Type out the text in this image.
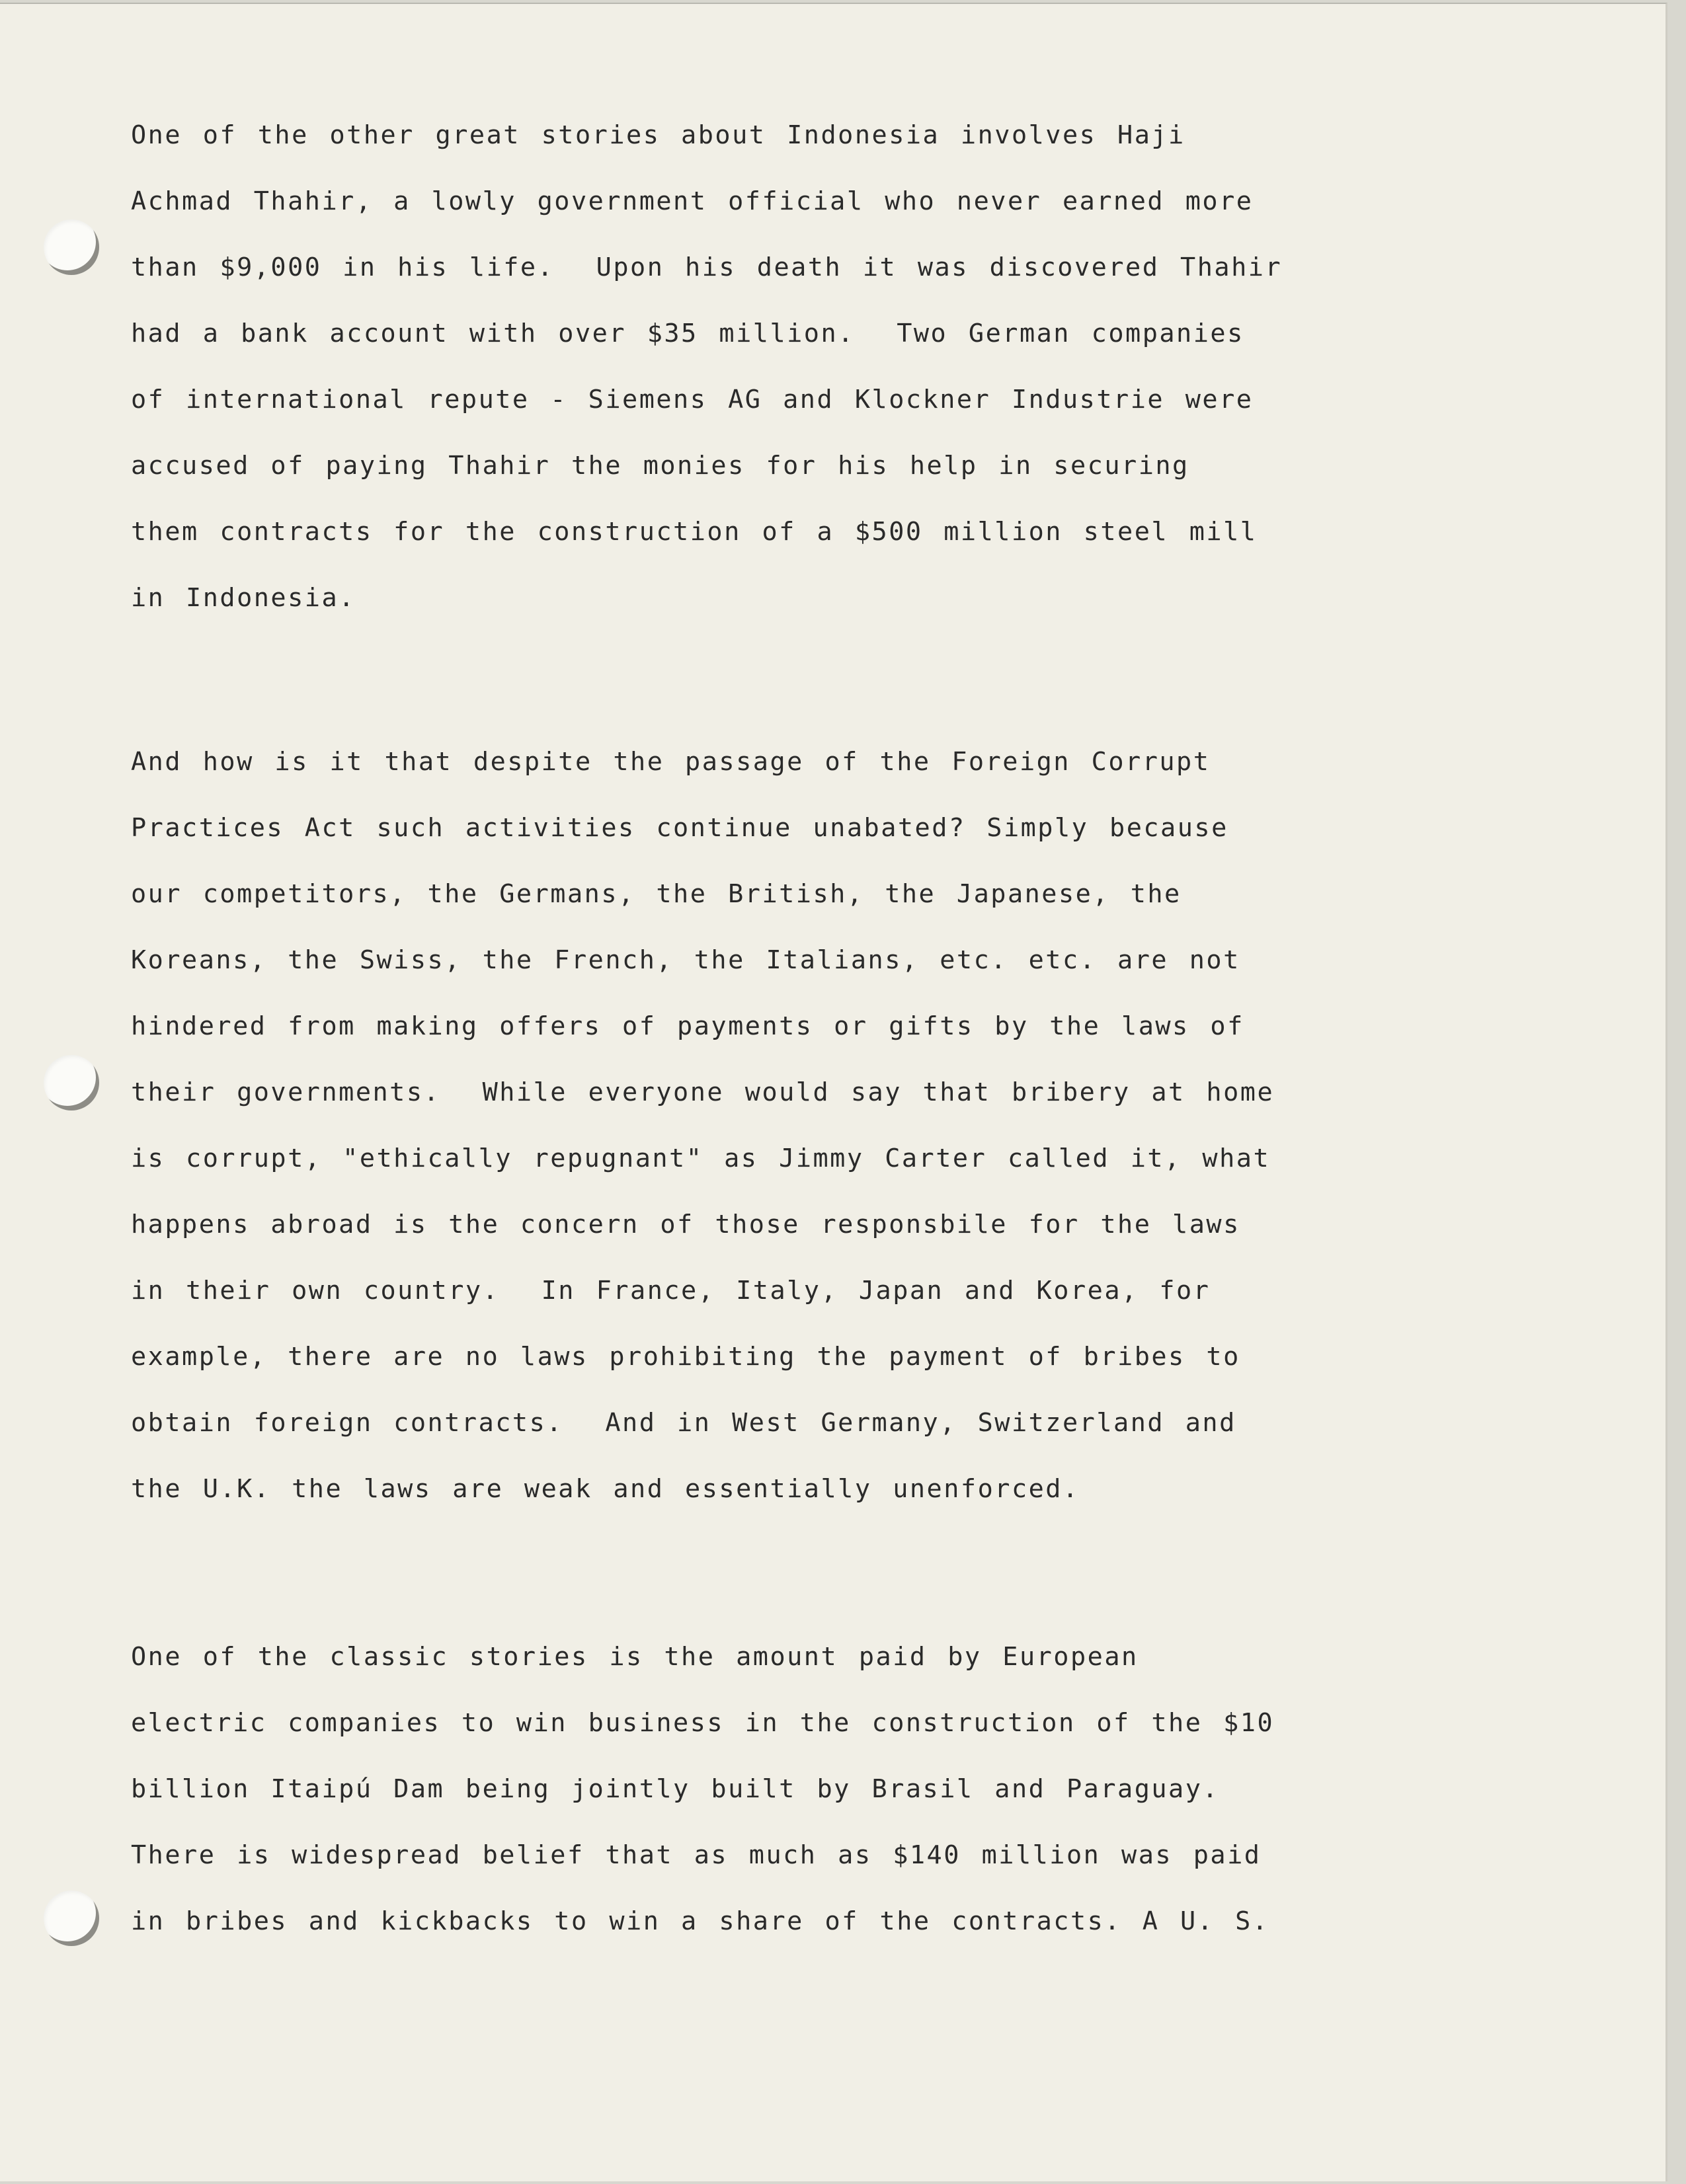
One of the other great stories about Indonesia involves Haji
Achmad Thahir, a lowly government official who never earned more
than $9,000 in his life.  Upon his death it was discovered Thahir
had a bank account with over $35 million.  Two German companies
of international repute - Siemens AG and Klockner Industrie were
accused of paying Thahir the monies for his help in securing
them contracts for the construction of a $500 million steel mill
in Indonesia.
And how is it that despite the passage of the Foreign Corrupt
Practices Act such activities continue unabated? Simply because
our competitors, the Germans, the British, the Japanese, the
Koreans, the Swiss, the French, the Italians, etc. etc. are not
hindered from making offers of payments or gifts by the laws of
their governments.  While everyone would say that bribery at home
is corrupt, "ethically repugnant" as Jimmy Carter called it, what
happens abroad is the concern of those responsbile for the laws
in their own country.  In France, Italy, Japan and Korea, for
example, there are no laws prohibiting the payment of bribes to
obtain foreign contracts.  And in West Germany, Switzerland and
the U.K. the laws are weak and essentially unenforced.
One of the classic stories is the amount paid by European
electric companies to win business in the construction of the $10
billion Itaipú Dam being jointly built by Brasil and Paraguay.
There is widespread belief that as much as $140 million was paid
in bribes and kickbacks to win a share of the contracts. A U. S.
